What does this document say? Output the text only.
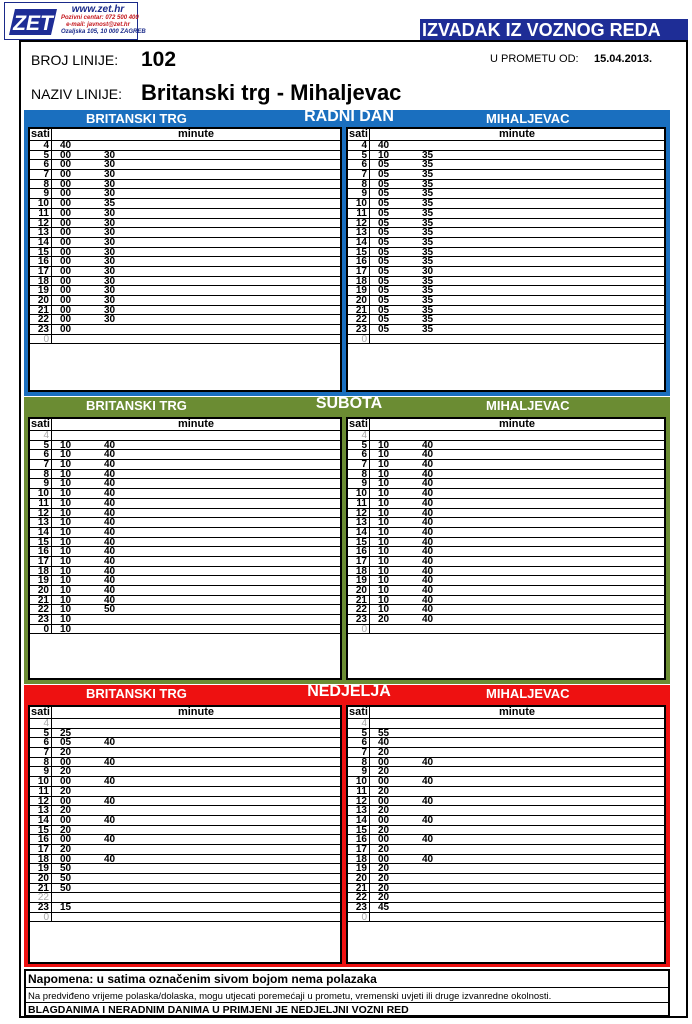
ZET
www.zet.hr
Pozivni centar: 072 500 400
e-mail: javnost@zet.hr
Ozaljska 105, 10 000 ZAGREB	IZVADAK IZ VOZNOG REDA
BROJ LINIJE: 102	U PROMETU OD: 15.04.2013.
NAZIV LINIJE: Britanski trg - Mihaljevac
BRITANSKI TRG	RADNI DAN	MIHALJEVAC
sati	minute
4	40
5	00	30
6	00	30
7	00	30
8	00	30
9	00	30
10	00	35
11	00	30
12	00	30
13	00	30
14	00	30
15	00	30
16	00	30
17	00	30
18	00	30
19	00	30
20	00	30
21	00	30
22	00	30
23	00
0
sati	minute
4	40
5	10	35
6	05	35
7	05	35
8	05	35
9	05	35
10	05	35
11	05	35
12	05	35
13	05	35
14	05	35
15	05	35
16	05	35
17	05	30
18	05	35
19	05	35
20	05	35
21	05	35
22	05	35
23	05	35
0
BRITANSKI TRG	SUBOTA	MIHALJEVAC
sati	minute
4
5	10	40
6	10	40
7	10	40
8	10	40
9	10	40
10	10	40
11	10	40
12	10	40
13	10	40
14	10	40
15	10	40
16	10	40
17	10	40
18	10	40
19	10	40
20	10	40
21	10	40
22	10	50
23	10
0	10
sati	minute
4
5	10	40
6	10	40
7	10	40
8	10	40
9	10	40
10	10	40
11	10	40
12	10	40
13	10	40
14	10	40
15	10	40
16	10	40
17	10	40
18	10	40
19	10	40
20	10	40
21	10	40
22	10	40
23	20	40
0
BRITANSKI TRG	NEDJELJA	MIHALJEVAC
sati	minute
4
5	25
6	05	40
7	20
8	00	40
9	20
10	00	40
11	20
12	00	40
13	20
14	00	40
15	20
16	00	40
17	20
18	00	40
19	50
20	50
21	50
22
23	15
0
sati	minute
4
5	55
6	40
7	20
8	00	40
9	20
10	00	40
11	20
12	00	40
13	20
14	00	40
15	20
16	00	40
17	20
18	00	40
19	20
20	20
21	20
22	20
23	45
0
Napomena: u satima označenim sivom bojom nema polazaka
Na predviđeno vrijeme polaska/dolaska, mogu utjecati poremećaji u prometu, vremenski uvjeti ili druge izvanredne okolnosti.
BLAGDANIMA I NERADNIM DANIMA U PRIMJENI JE NEDJELJNI VOZNI RED
